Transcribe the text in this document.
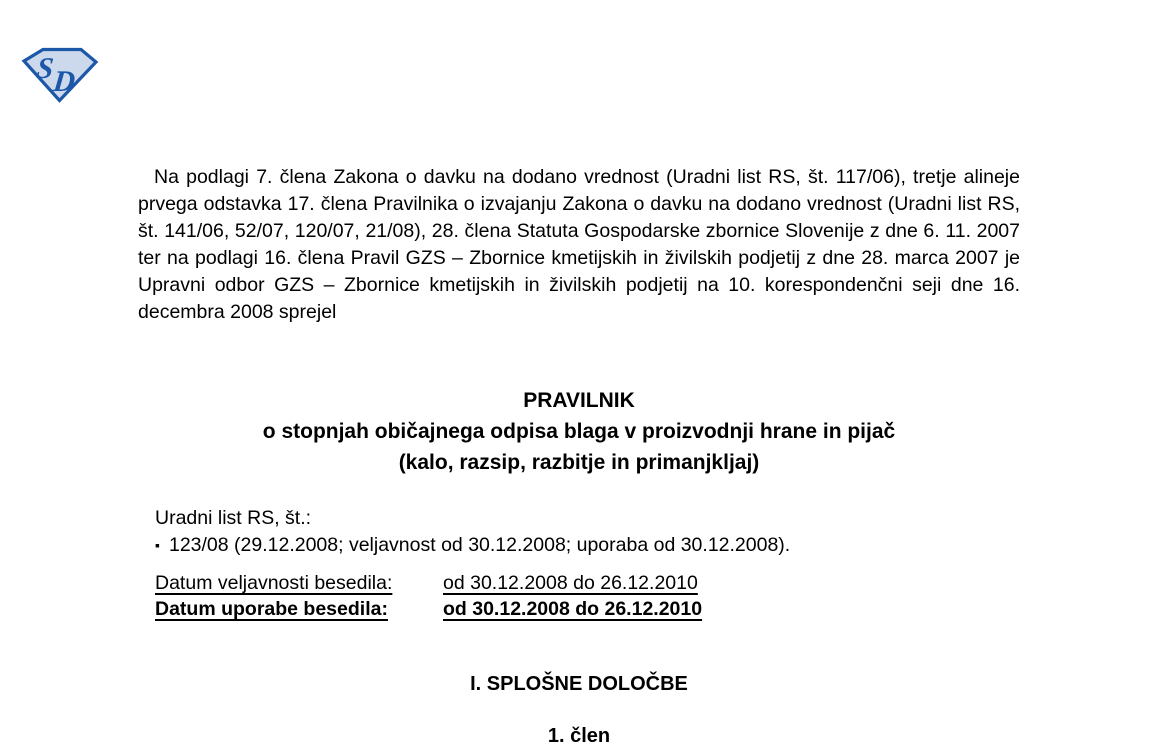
S
D

Na podlagi 7. člena Zakona o davku na dodano vrednost (Uradni list RS, št. 117/06), tretje alineje prvega odstavka 17. člena Pravilnika o izvajanju Zakona o davku na dodano vrednost (Uradni list RS, št. 141/06, 52/07, 120/07, 21/08), 28. člena Statuta Gospodarske zbornice Slovenije z dne 6. 11. 2007 ter na podlagi 16. člena Pravil GZS – Zbornice kmetijskih in živilskih podjetij z dne 28. marca 2007 je Upravni odbor GZS – Zbornice kmetijskih in živilskih podjetij na 10. korespondenčni seji dne 16. decembra 2008 sprejel

PRAVILNIK
o stopnjah običajnega odpisa blaga v proizvodnji hrane in pijač
(kalo, razsip, razbitje in primanjkljaj)
Uradni list RS, št.:
▪ 123/08 (29.12.2008; veljavnost od 30.12.2008; uporaba od 30.12.2008).
Datum veljavnosti besedila:	od 30.12.2008 do 26.12.2010
Datum uporabe besedila:	od 30.12.2008 do 26.12.2010
I. SPLOŠNE DOLOČBE
1. člen
